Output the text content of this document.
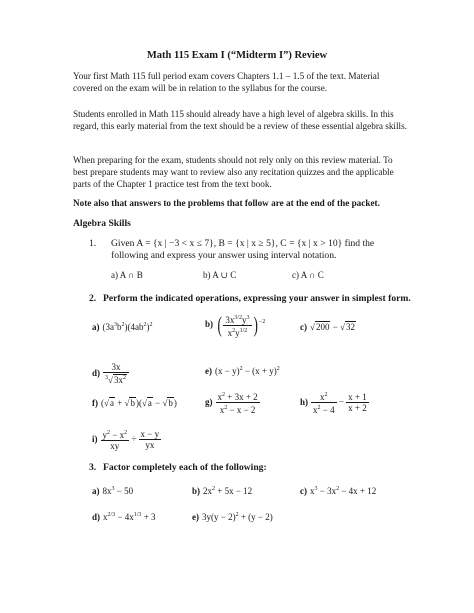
Math 115 Exam I (“Midterm I”) Review

Your first Math 115 full period exam covers Chapters 1.1 – 1.5 of the text. Material covered on the exam will be in relation to the syllabus for the course.

Students enrolled in Math 115 should already have a high level of algebra skills. In this regard, this early material from the text should be a review of these essential algebra skills.

When preparing for the exam, students should not rely only on this review material. To best prepare students may want to review also any recitation quizzes and the applicable parts of the Chapter 1 practice test from the text book.

Note also that answers to the problems that follow are at the end of the packet.

Algebra Skills
1. Given A = {x | −3 < x ≤ 7}, B = {x | x ≥ 5}, C = {x | x > 10} find the following and express your answer using interval notation.
a) A ∩ B	b) A ∪ C	c) A ∩ C
2. Perform the indicated operations, expressing your answer in simplest form.
a) $(3a^3b^2)(4ab^2)^2$	b) ( $\frac{3x^{3/2}y^3}{x^2y^{1/2}} )^{-2}$	c) √200 − √32
$d) \frac{3x}{^3√3x^2}$	e) $(x - y)^2 - (x + y)^2$
f) (√a + √b)(√a − √b)	$g) \frac{x^2 + 3x + 2}{x^2 - x - 2}$	$h) \frac{x^2}{x^2 - 4} - \frac{x + 1}{x + 2}$
$i) \frac{y^2 - x^2}{xy} \div \frac{x - y}{yx}$
3. Factor completely each of the following:
a) $8x^3 - 50$	b) $2x^2 + 5x - 12$	c) $x^3 - 3x^2 - 4x + 12$
d) $x^{2/3} - 4x^{1/3} + 3$	e) $3y(y - 2)^2 + (y - 2)$
